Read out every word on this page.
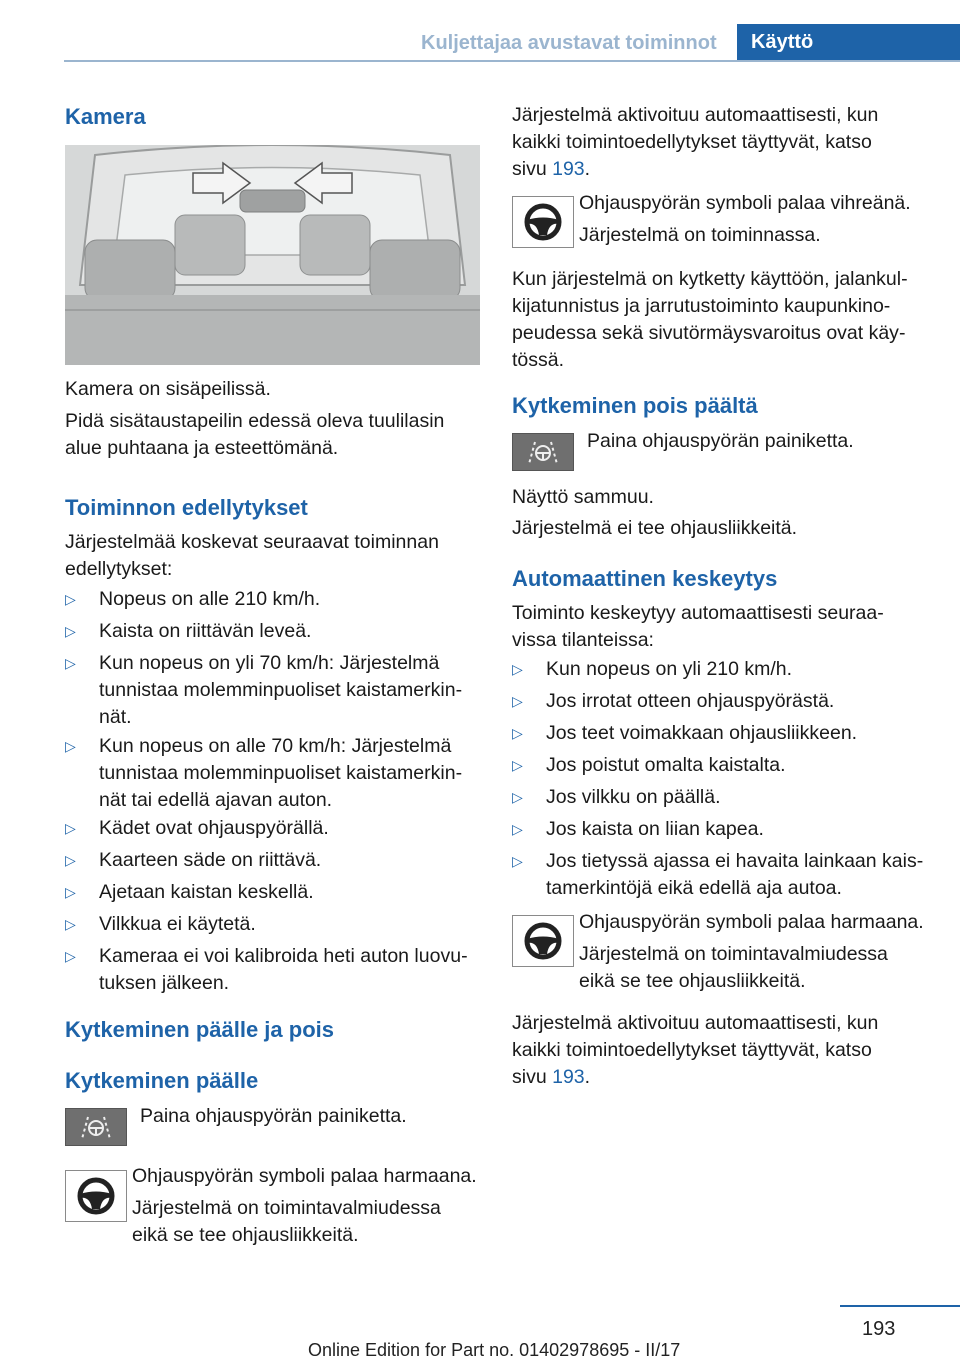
Kuljettajaa avustavat toiminnot	Käyttö
Kamera

Kamera on sisäpeilissä.

Pidä sisätaustapeilin edessä oleva tuulilasin alue puhtaana ja esteettömänä.

Toiminnon edellytykset

Järjestelmää koskevat seuraavat toiminnan edellytykset:

▷	Nopeus on alle 210 km/h.
▷	Kaista on riittävän leveä.
▷	Kun nopeus on yli 70 km/h: Järjestelmä tunnistaa molemminpuoliset kaistamerkinnät.
▷	Kun nopeus on alle 70 km/h: Järjestelmä tunnistaa molemminpuoliset kaistamerkinnät tai edellä ajavan auton.
▷	Kädet ovat ohjauspyörällä.
▷	Kaarteen säde on riittävä.
▷	Ajetaan kaistan keskellä.
▷	Vilkkua ei käytetä.
▷	Kameraa ei voi kalibroida heti auton luovutuksen jälkeen.
Kytkeminen päälle ja pois
Kytkeminen päälle

Paina ohjauspyörän painiketta.

Ohjauspyörän symboli palaa harmaana.

Järjestelmä on toimintavalmiudessa eikä se tee ohjausliikkeitä.

Järjestelmä aktivoituu automaattisesti, kun kaikki toimintoedellytykset täyttyvät, katso
sivu 193.

Ohjauspyörän symboli palaa vihreänä.

Järjestelmä on toiminnassa.

Kun järjestelmä on kytketty käyttöön, jalankulkijatunnistus ja jarrutustoiminto kaupunkinopeudessa sekä sivutörmäysvaroitus ovat käytössä.

Kytkeminen pois päältä

Paina ohjauspyörän painiketta.

Näyttö sammuu.

Järjestelmä ei tee ohjausliikkeitä.

Automaattinen keskeytys

Toiminto keskeytyy automaattisesti seuraavissa tilanteissa:

▷	Kun nopeus on yli 210 km/h.
▷	Jos irrotat otteen ohjauspyörästä.
▷	Jos teet voimakkaan ohjausliikkeen.
▷	Jos poistut omalta kaistalta.
▷	Jos vilkku on päällä.
▷	Jos kaista on liian kapea.
▷	Jos tietyssä ajassa ei havaita lainkaan kaistamerkintöjä eikä edellä aja autoa.

Ohjauspyörän symboli palaa harmaana.

Järjestelmä on toimintavalmiudessa eikä se tee ohjausliikkeitä.

Järjestelmä aktivoituu automaattisesti, kun kaikki toimintoedellytykset täyttyvät, katso
sivu 193.

193
Online Edition for Part no. 01402978695 - II/17
